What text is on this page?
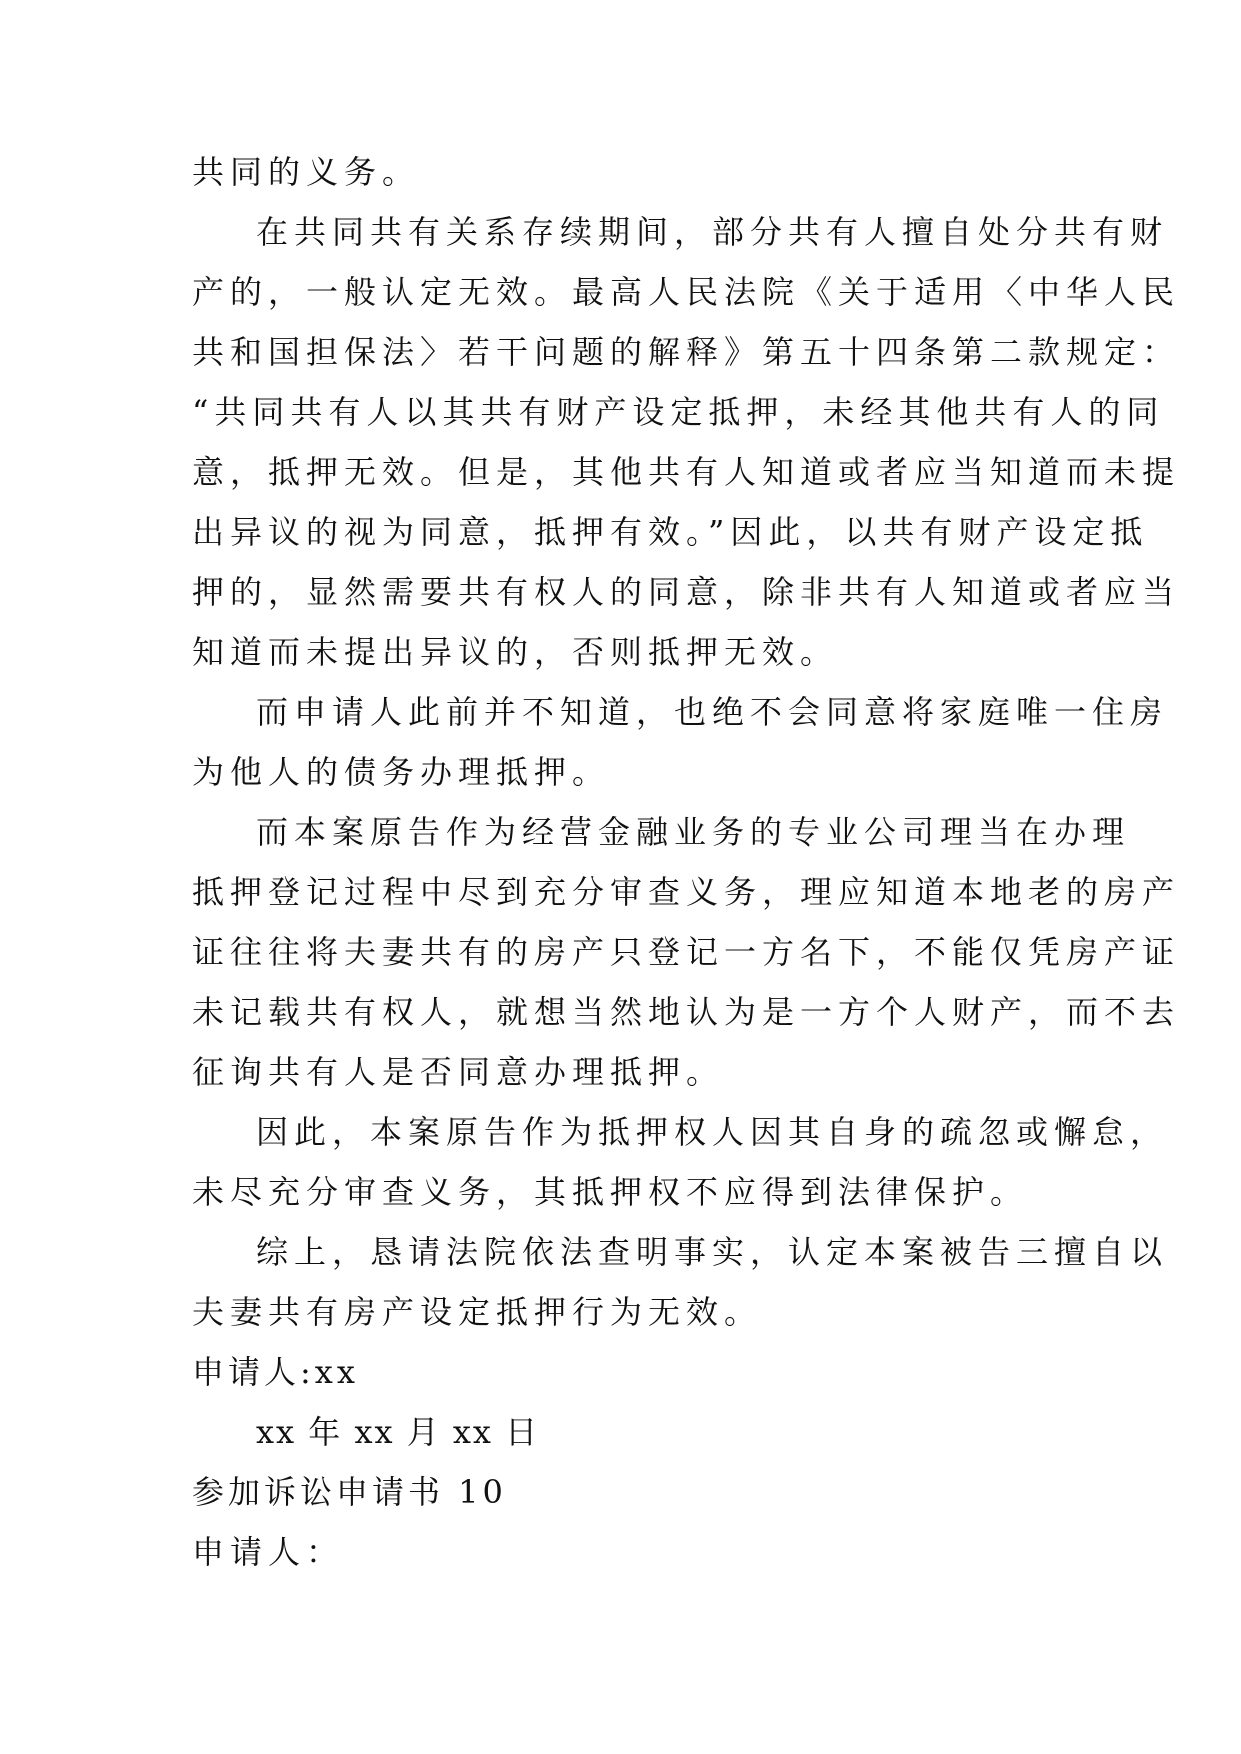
共同的义务。
在共同共有关系存续期间，部分共有人擅自处分共有财
产的，一般认定无效。最高人民法院《关于适用〈中华人民
共和国担保法〉若干问题的解释》第五十四条第二款规定：
“共同共有人以其共有财产设定抵押，未经其他共有人的同
意，抵押无效。但是，其他共有人知道或者应当知道而未提
出异议的视为同意，抵押有效。”因此，以共有财产设定抵
押的，显然需要共有权人的同意，除非共有人知道或者应当
知道而未提出异议的，否则抵押无效。
而申请人此前并不知道，也绝不会同意将家庭唯一住房
为他人的债务办理抵押。
而本案原告作为经营金融业务的专业公司理当在办理
抵押登记过程中尽到充分审查义务，理应知道本地老的房产
证往往将夫妻共有的房产只登记一方名下，不能仅凭房产证
未记载共有权人，就想当然地认为是一方个人财产，而不去
征询共有人是否同意办理抵押。
因此，本案原告作为抵押权人因其自身的疏忽或懈怠，
未尽充分审查义务，其抵押权不应得到法律保护。
综上，恳请法院依法查明事实，认定本案被告三擅自以
夫妻共有房产设定抵押行为无效。
申请人:xx
xx 年 xx 月 xx 日
参加诉讼申请书 10
申请人：
